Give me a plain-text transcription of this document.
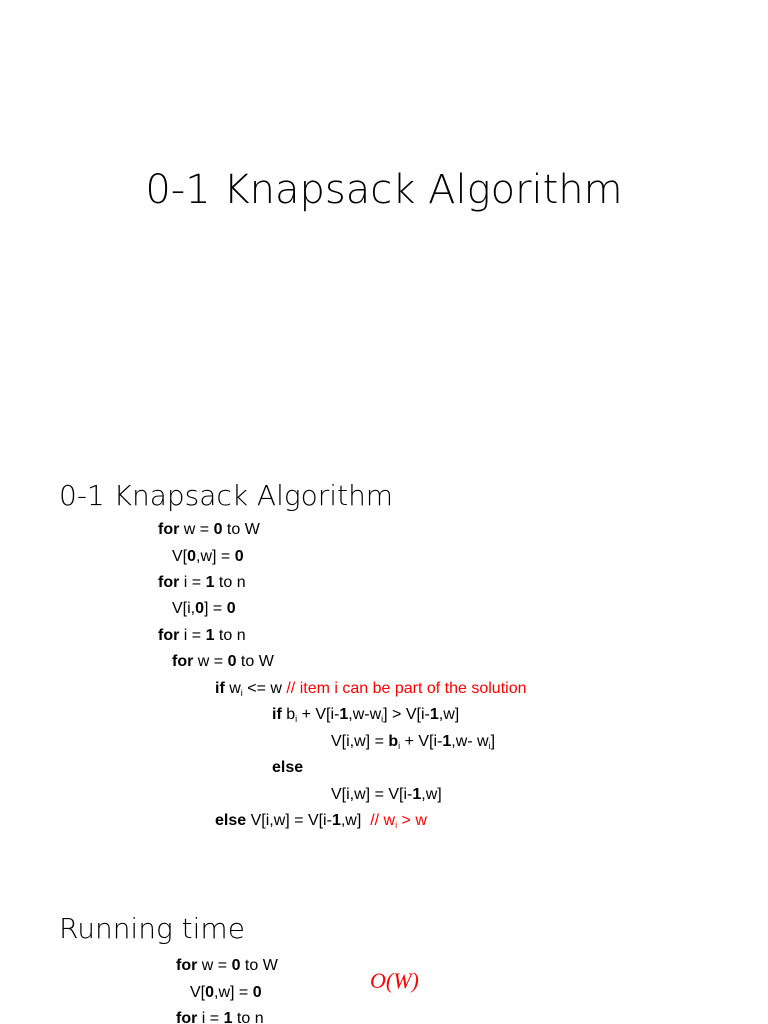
0-1 Knapsack Algorithm
0-1 Knapsack Algorithm
for w = 0 to W
V[0,w] = 0
for i = 1 to n
V[i,0] = 0
for i = 1 to n
for w = 0 to W
if $w_i <= w$ // item i can be part of the solution
if $b_i + V[i-1,w-w_i] > V[i-1,w]$
$V[i,w] = b_i + V[i-1,w-$ $w_i$]
else
V[i,w] = V[i-1,w]
else $V[i,w] = V[i-1,w] // w_i > w$
Running time
for w = 0 to W
V[0,w] = 0
for i = 1 to n
O(W)
